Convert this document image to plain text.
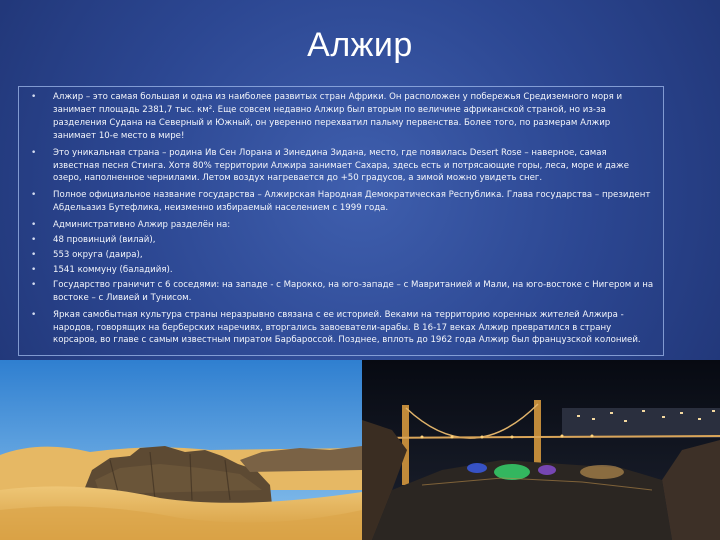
Алжир
• Алжир – это самая большая и одна из наиболее развитых стран Африки. Он расположен у побережья Средиземного моря и занимает площадь 2381,7 тыс. км². Еще совсем недавно Алжир был вторым по величине африканской страной, но из-за разделения Судана на Северный и Южный, он уверенно перехватил пальму первенства. Более того, по размерам Алжир занимает 10-е место в мире!
• Это уникальная страна – родина Ив Сен Лорана и Зинедина Зидана, место, где появилась Desert Rose – наверное, самая известная песня Стинга. Хотя 80% территории Алжира занимает Сахара, здесь есть и потрясающие горы, леса, море и даже озеро, наполненное чернилами. Летом воздух нагревается до +50 градусов, а зимой можно увидеть снег.
• Полное официальное название государства – Алжирская Народная Демократическая Республика. Глава государства – президент Абдельазиз Бутефлика, неизменно избираемый населением с 1999 года.
• Административно Алжир разделён на:
• 48 провинций (вилай),
• 553 округа (даира),
• 1541 коммуну (баладийя).
• Государство граничит с 6 соседями: на западе - с Марокко, на юго-западе – с Мавританией и Мали, на юго-востоке с Нигером и на востоке – с Ливией и Тунисом.
• Яркая самобытная культура страны неразрывно связана с ее историей. Веками на территорию коренных жителей Алжира - народов, говорящих на берберских наречиях, вторгались завоеватели-арабы. В 16-17 веках Алжир превратился в страну корсаров, во главе с самым известным пиратом Барбароссой. Позднее, вплоть до 1962 года Алжир был французской колонией.
